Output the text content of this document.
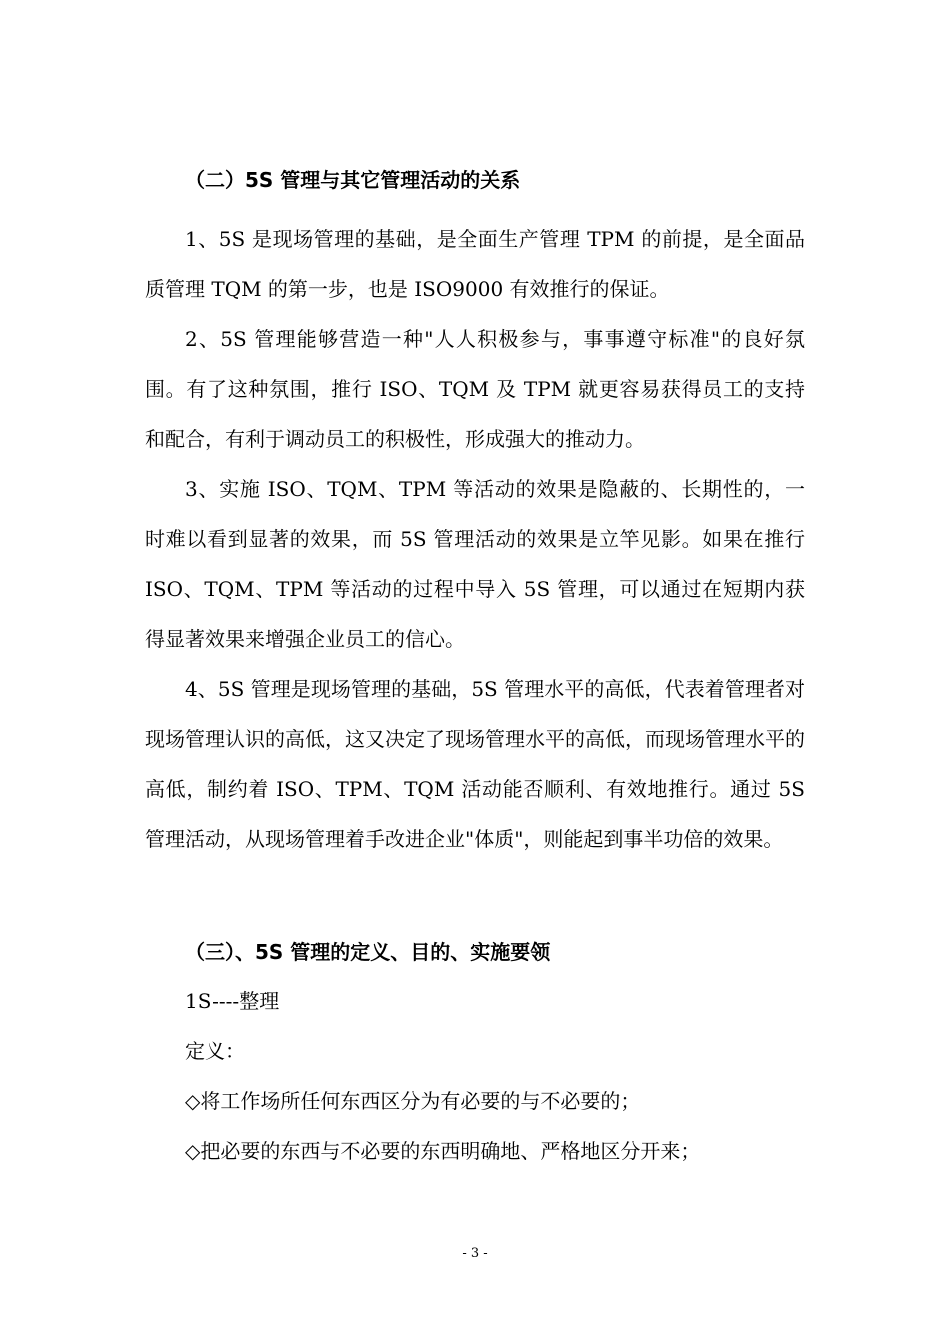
（二）5S 管理与其它管理活动的关系

1、5S 是现场管理的基础，是全面生产管理 TPM 的前提，是全面品质管理 TQM 的第一步，也是 ISO9000 有效推行的保证。

2、5S 管理能够营造一种"人人积极参与，事事遵守标准"的良好氛围。有了这种氛围，推行 ISO、TQM 及 TPM 就更容易获得员工的支持和配合，有利于调动员工的积极性，形成强大的推动力。

3、实施 ISO、TQM、TPM 等活动的效果是隐蔽的、长期性的，一时难以看到显著的效果，而 5S 管理活动的效果是立竿见影。如果在推行 ISO、TQM、TPM 等活动的过程中导入 5S 管理，可以通过在短期内获得显著效果来增强企业员工的信心。

4、5S 管理是现场管理的基础，5S 管理水平的高低，代表着管理者对现场管理认识的高低，这又决定了现场管理水平的高低，而现场管理水平的高低，制约着 ISO、TPM、TQM 活动能否顺利、有效地推行。通过 5S 管理活动，从现场管理着手改进企业"体质"，则能起到事半功倍的效果。

（三）、5S 管理的定义、目的、实施要领

1S----整理

定义：

◇将工作场所任何东西区分为有必要的与不必要的；

◇把必要的东西与不必要的东西明确地、严格地区分开来；

- 3 -
